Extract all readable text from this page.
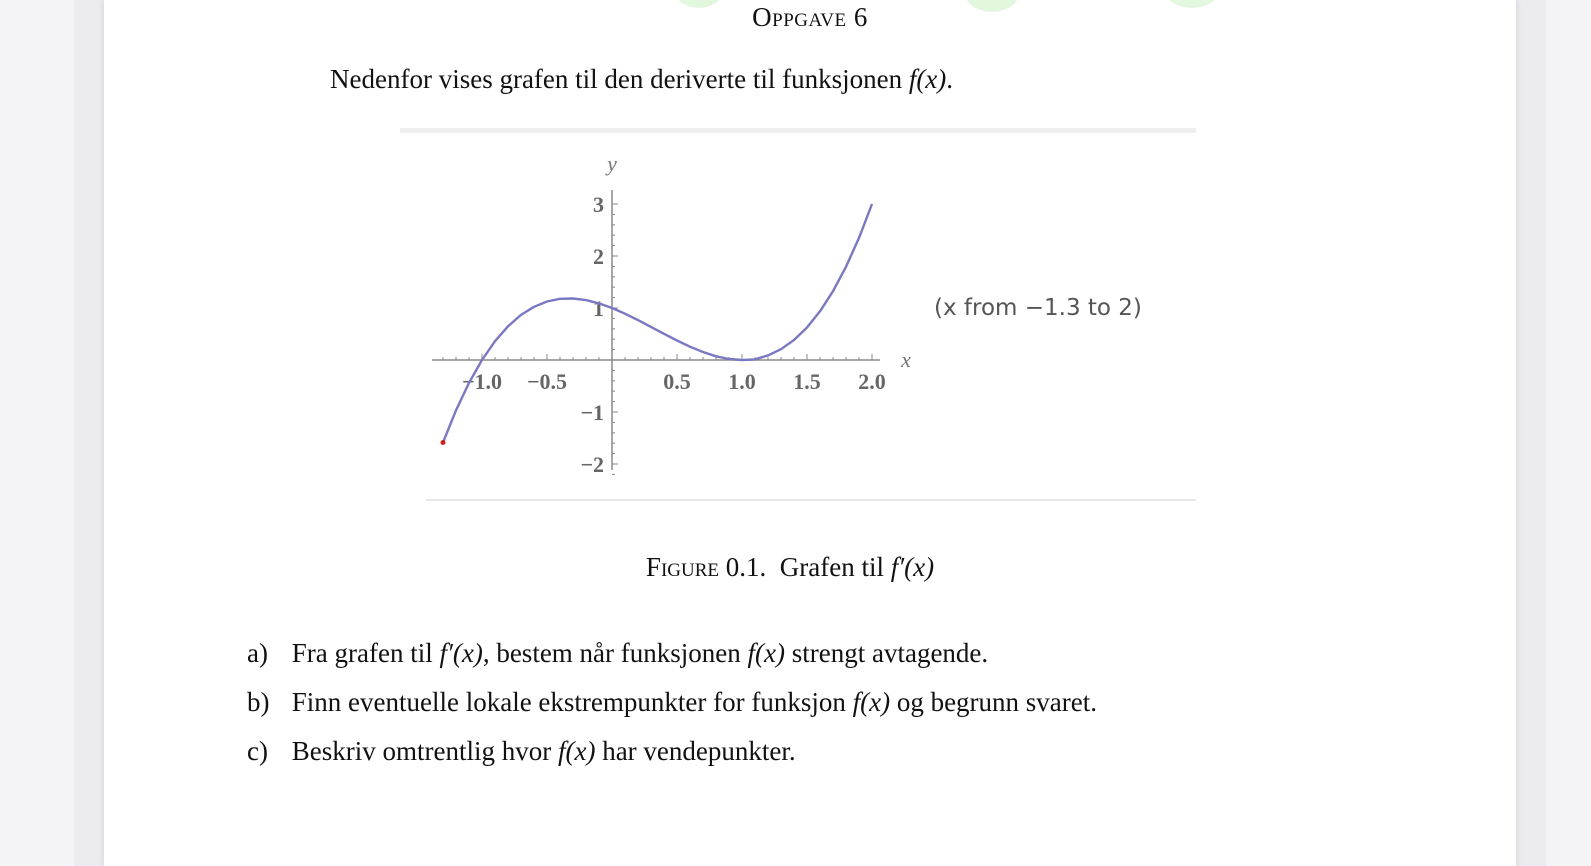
Oppgave 6
Nedenfor vises grafen til den deriverte til funksjonen f(x).
−1.0 −0.5	0.5 1.0 1.5 2.0
3
2
1
−1
−2
x
y
(x from −1.3 to 2)
Figure 0.1. Grafen til f′(x)
a) Fra grafen til f′(x), bestem når funksjonen f(x) strengt avtagende.
b) Finn eventuelle lokale ekstrempunkter for funksjon f(x) og begrunn svaret.
c) Beskriv omtrentlig hvor f(x) har vendepunkter.
